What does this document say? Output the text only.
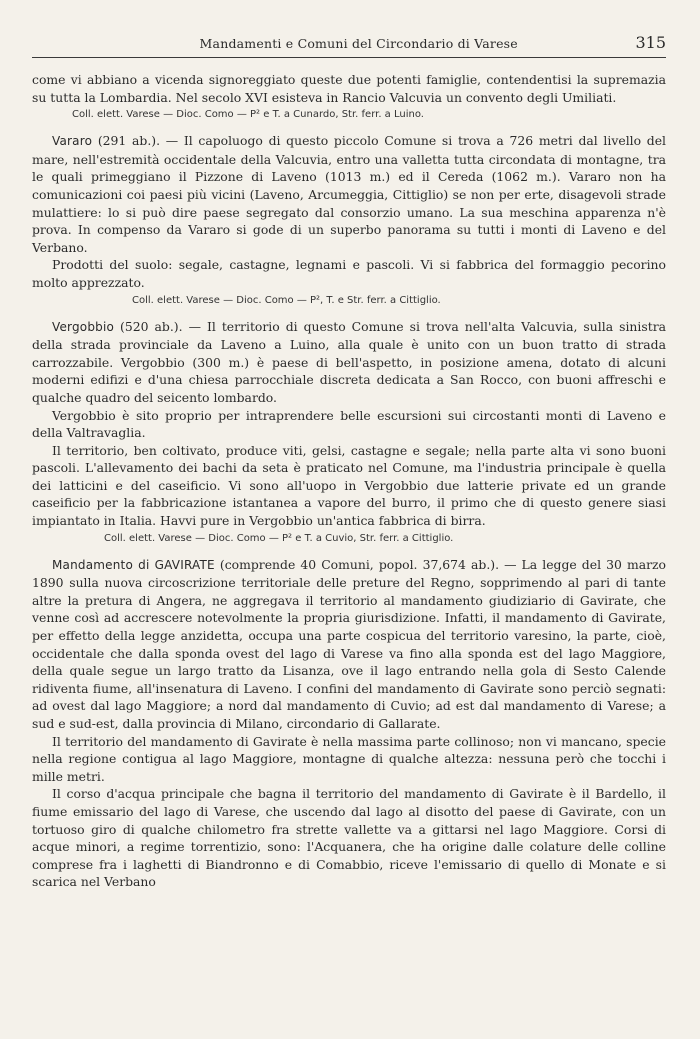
Mandamenti e Comuni del Circondario di Varese	315

come vi abbiano a vicenda signoreggiato queste due potenti famiglie, contendentisi la supremazia su tutta la Lombardia. Nel secolo XVI esisteva in Rancio Valcuvia un convento degli Umiliati.

Coll. elett. Varese — Dioc. Como — P² e T. a Cunardo, Str. ferr. a Luino.

Vararo (291 ab.). — Il capoluogo di questo piccolo Comune si trova a 726 metri dal livello del mare, nell'estremità occidentale della Valcuvia, entro una valletta tutta circondata di montagne, tra le quali primeggiano il Pizzone di Laveno (1013 m.) ed il Cereda (1062 m.). Vararo non ha comunicazioni coi paesi più vicini (Laveno, Arcumeggia, Cittiglio) se non per erte, disagevoli strade mulattiere: lo si può dire paese segregato dal consorzio umano. La sua meschina apparenza n'è prova. In compenso da Vararo si gode di un superbo panorama su tutti i monti di Laveno e del Verbano.

Prodotti del suolo: segale, castagne, legnami e pascoli. Vi si fabbrica del formaggio pecorino molto apprezzato.

Coll. elett. Varese — Dioc. Como — P², T. e Str. ferr. a Cittiglio.

Vergobbio (520 ab.). — Il territorio di questo Comune si trova nell'alta Valcuvia, sulla sinistra della strada provinciale da Laveno a Luino, alla quale è unito con un buon tratto di strada carrozzabile. Vergobbio (300 m.) è paese di bell'aspetto, in posizione amena, dotato di alcuni moderni edifizi e d'una chiesa parrocchiale discreta dedicata a San Rocco, con buoni affreschi e qualche quadro del seicento lombardo.

Vergobbio è sito proprio per intraprendere belle escursioni sui circostanti monti di Laveno e della Valtravaglia.

Il territorio, ben coltivato, produce viti, gelsi, castagne e segale; nella parte alta vi sono buoni pascoli. L'allevamento dei bachi da seta è praticato nel Comune, ma l'industria principale è quella dei latticini e del caseificio. Vi sono all'uopo in Vergobbio due latterie private ed un grande caseificio per la fabbricazione istantanea a vapore del burro, il primo che di questo genere siasi impiantato in Italia. Havvi pure in Vergobbio un'antica fabbrica di birra.

Coll. elett. Varese — Dioc. Como — P² e T. a Cuvio, Str. ferr. a Cittiglio.

Mandamento di GAVIRATE (comprende 40 Comuni, popol. 37,674 ab.). — La legge del 30 marzo 1890 sulla nuova circoscrizione territoriale delle preture del Regno, sopprimendo al pari di tante altre la pretura di Angera, ne aggregava il territorio al mandamento giudiziario di Gavirate, che venne così ad accrescere notevolmente la propria giurisdizione. Infatti, il mandamento di Gavirate, per effetto della legge anzidetta, occupa una parte cospicua del territorio varesino, la parte, cioè, occidentale che dalla sponda ovest del lago di Varese va fino alla sponda est del lago Maggiore, della quale segue un largo tratto da Lisanza, ove il lago entrando nella gola di Sesto Calende ridiventa fiume, all'insenatura di Laveno. I confini del mandamento di Gavirate sono perciò segnati: ad ovest dal lago Maggiore; a nord dal mandamento di Cuvio; ad est dal mandamento di Varese; a sud e sud-est, dalla provincia di Milano, circondario di Gallarate.

Il territorio del mandamento di Gavirate è nella massima parte collinoso; non vi mancano, specie nella regione contigua al lago Maggiore, montagne di qualche altezza: nessuna però che tocchi i mille metri.

Il corso d'acqua principale che bagna il territorio del mandamento di Gavirate è il Bardello, il fiume emissario del lago di Varese, che uscendo dal lago al disotto del paese di Gavirate, con un tortuoso giro di qualche chilometro fra strette vallette va a gittarsi nel lago Maggiore. Corsi di acque minori, a regime torrentizio, sono: l'Acquanera, che ha origine dalle colature delle colline comprese fra i laghetti di Biandronno e di Comabbio, riceve l'emissario di quello di Monate e si scarica nel Verbano
